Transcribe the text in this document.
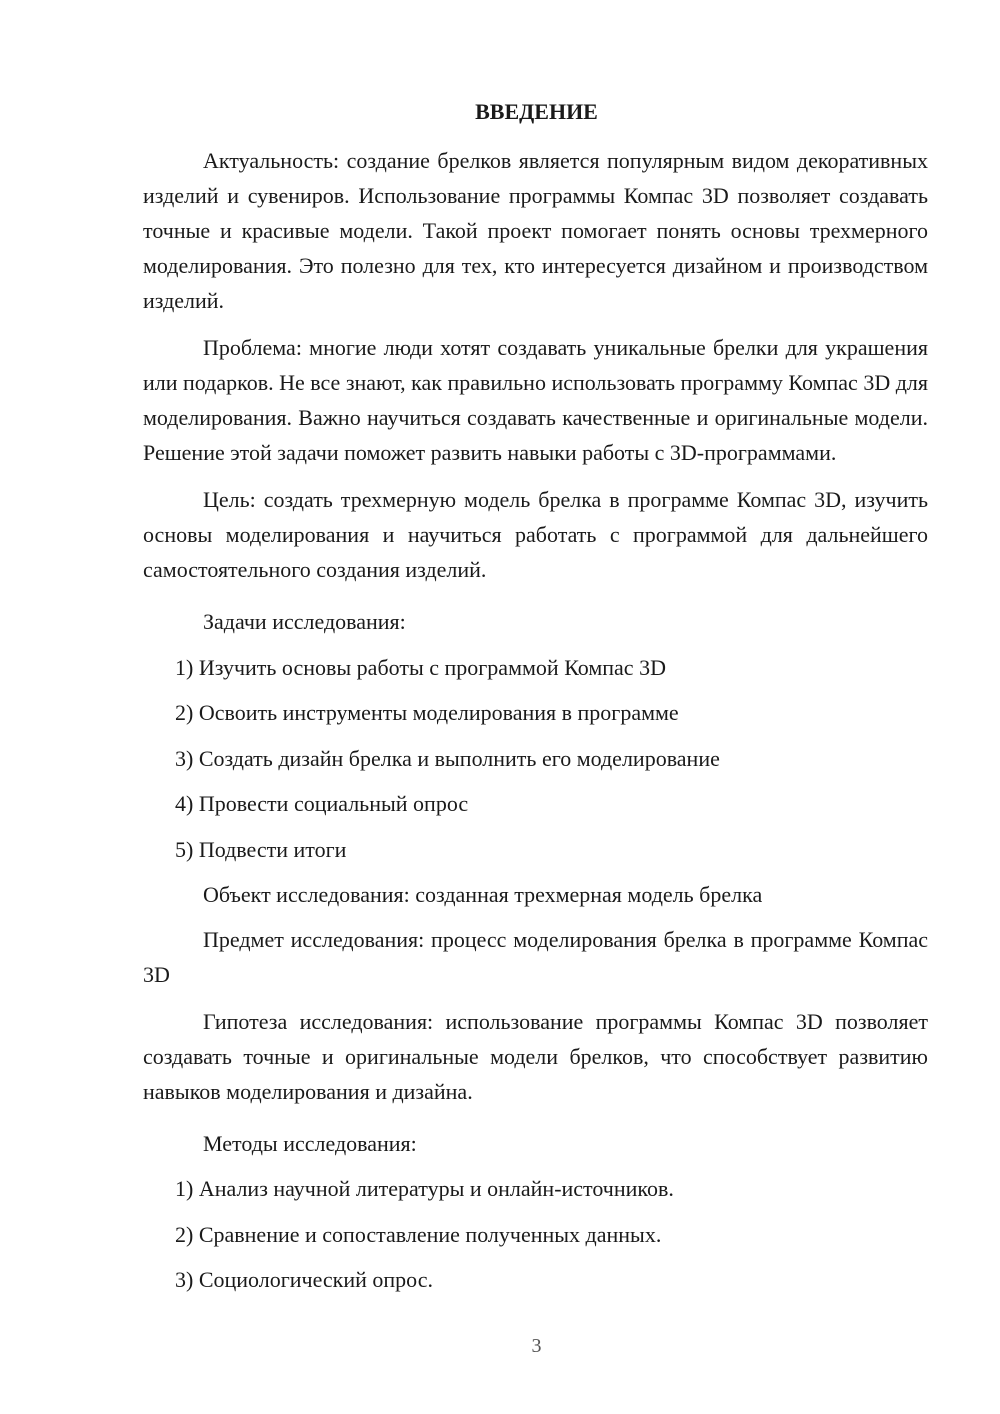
ВВЕДЕНИЕ

Актуальность: создание брелков является популярным видом декоративных изделий и сувениров. Использование программы Компас 3D позволяет создавать точные и красивые модели. Такой проект помогает понять основы трехмерного моделирования. Это полезно для тех, кто интересуется дизайном и производством изделий.

Проблема: многие люди хотят создавать уникальные брелки для украшения или подарков. Не все знают, как правильно использовать программу Компас 3D для моделирования. Важно научиться создавать качественные и оригинальные модели. Решение этой задачи поможет развить навыки работы с 3D-программами.

Цель: создать трехмерную модель брелка в программе Компас 3D, изучить основы моделирования и научиться работать с программой для дальнейшего самостоятельного создания изделий.

Задачи исследования:

1) Изучить основы работы с программой Компас 3D

2) Освоить инструменты моделирования в программе

3) Создать дизайн брелка и выполнить его моделирование

4) Провести социальный опрос

5) Подвести итоги

Объект исследования: созданная трехмерная модель брелка

Предмет исследования: процесс моделирования брелка в программе Компас 3D

Гипотеза исследования: использование программы Компас 3D позволяет создавать точные и оригинальные модели брелков, что способствует развитию навыков моделирования и дизайна.

Методы исследования:

1) Анализ научной литературы и онлайн-источников.

2) Сравнение и сопоставление полученных данных.

3) Социологический опрос.

3
